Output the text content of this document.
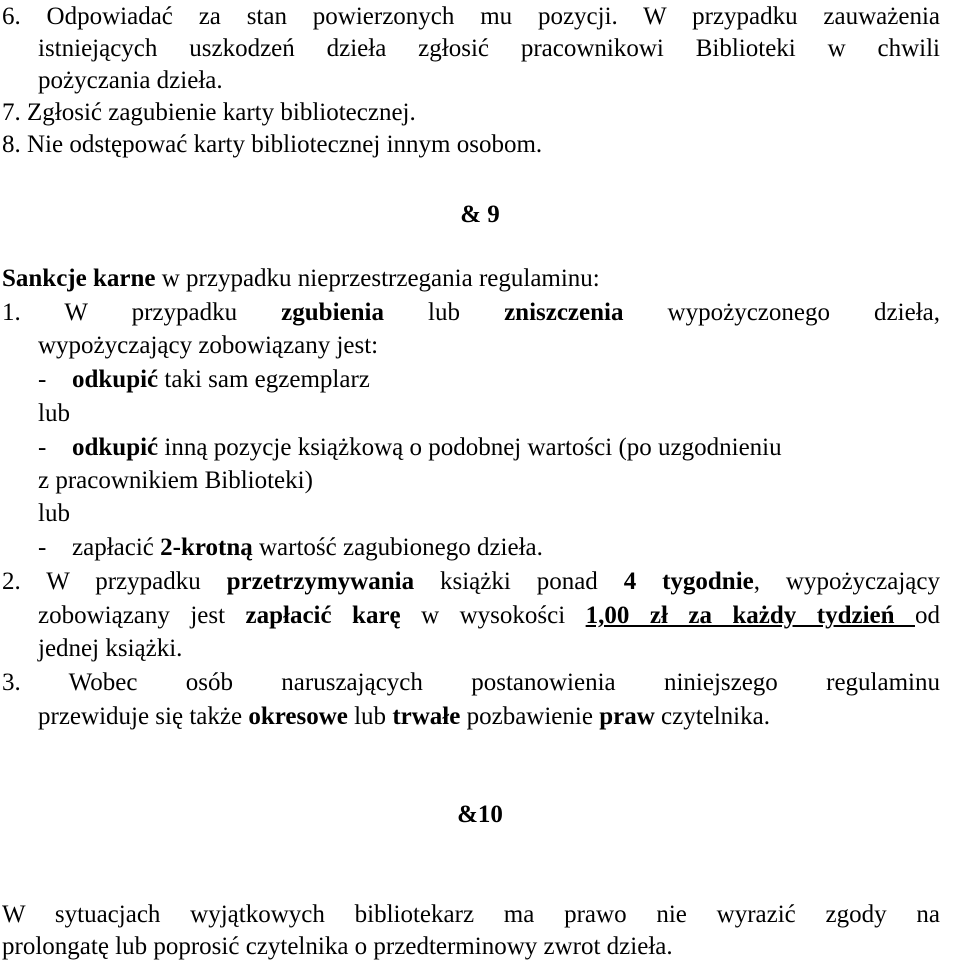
6. Odpowiadać za stan powierzonych mu pozycji. W przypadku zauważenia
istniejących uszkodzeń dzieła zgłosić pracownikowi Biblioteki w chwili
pożyczania dzieła.
7. Zgłosić zagubienie karty bibliotecznej.
8. Nie odstępować karty bibliotecznej innym osobom.
& 9
Sankcje karne w przypadku nieprzestrzegania regulaminu:
1. W przypadku zgubienia lub zniszczenia wypożyczonego dzieła,
wypożyczający zobowiązany jest:
- odkupić taki sam egzemplarz
lub
- odkupić inną pozycje książkową o podobnej wartości (po uzgodnieniu
z pracownikiem Biblioteki)
lub
- zapłacić 2-krotną wartość zagubionego dzieła.
2. W przypadku przetrzymywania książki ponad 4 tygodnie, wypożyczający
zobowiązany jest zapłacić karę w wysokości 1,00 zł za każdy tydzień od
jednej książki.
3. Wobec osób naruszających postanowienia niniejszego regulaminu
przewiduje się także okresowe lub trwałe pozbawienie praw czytelnika.
&10
W sytuacjach wyjątkowych bibliotekarz ma prawo nie wyrazić zgody na
prolongatę lub poprosić czytelnika o przedterminowy zwrot dzieła.
